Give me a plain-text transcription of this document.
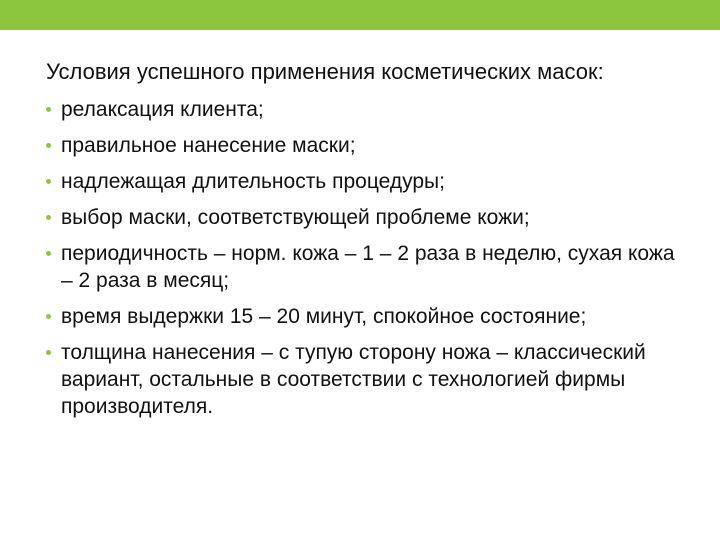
Условия успешного применения косметических масок:
релаксация клиента;
правильное нанесение маски;
надлежащая длительность процедуры;
выбор маски, соответствующей проблеме кожи;
периодичность – норм. кожа – 1 – 2 раза в неделю, сухая кожа – 2 раза в месяц;
время выдержки 15 – 20 минут, спокойное состояние;
толщина нанесения – с тупую сторону ножа – классический вариант, остальные в соответствии с технологией фирмы производителя.
